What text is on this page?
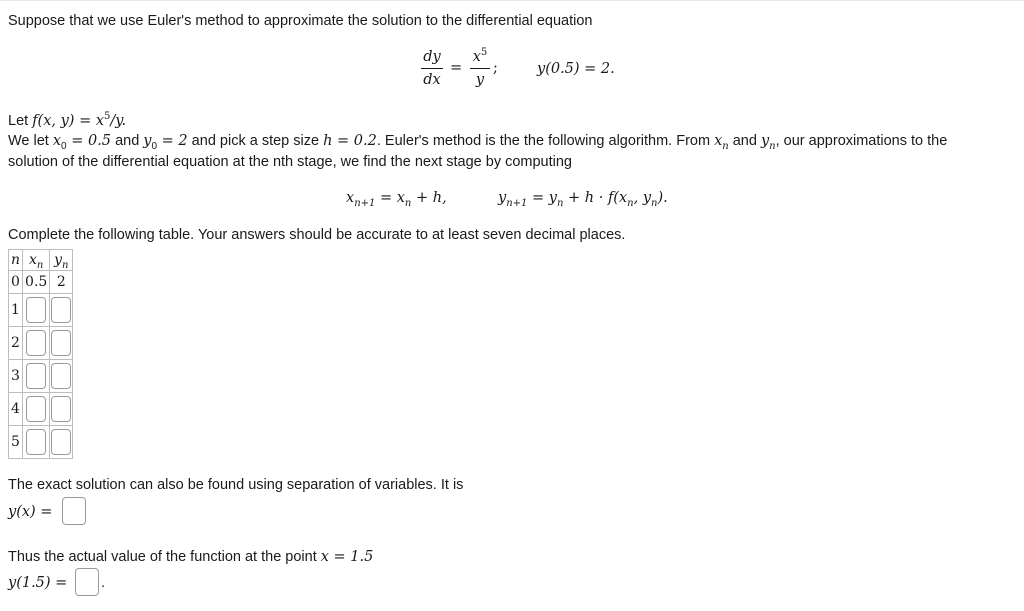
Suppose that we use Euler's method to approximate the solution to the differential equation
dy
dx
=
$x^5$
y
;	y(0.5) = 2.
Let f(x, $y) = x^5/y$.
We let $x_0 = 0.5$ and $y_0 = 2$ and pick a step size h = 0.2. Euler's method is the the following algorithm. From $x_n$ and $y_n$, our approximations to the
solution of the differential equation at the nth stage, we find the next stage by computing
$x_{n+1} = x_n + h$,	$y_{n+1} = y_n + h \cdot f(x_n$, $y_n$).
Complete the following table. Your answers should be accurate to at least seven decimal places.
n	$x_n$	$y_n$
0	0.5	2
1		
2		
3		
4		
5		
The exact solution can also be found using separation of variables. It is
y(x) =
Thus the actual value of the function at the point x = 1.5
y(1.5) = .
